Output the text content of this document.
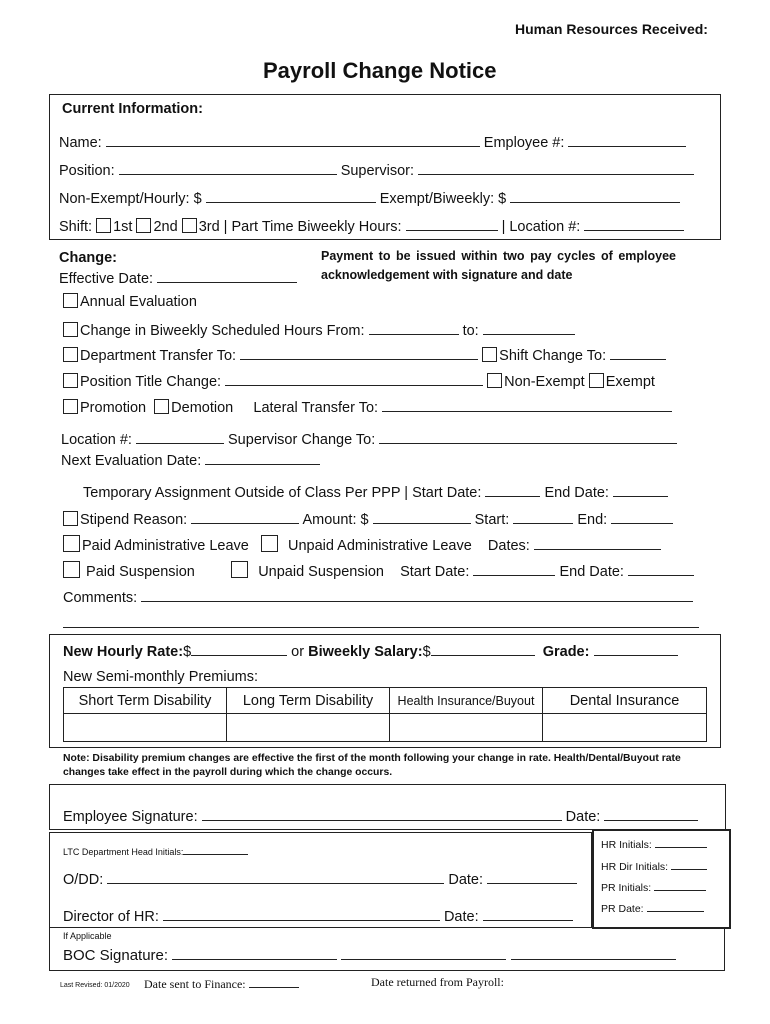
Human Resources Received:
Payroll Change Notice
Current Information:
Name:	Employee #:
Position:	Supervisor:
Non-Exempt/Hourly: $	Exempt/Biweekly: $
Shift: 1st 2nd 3rd | Part Time Biweekly Hours:	| Location #:
Change:
Effective Date:
Payment to be issued within two pay cycles of employee acknowledgement with signature and date
Annual Evaluation
Change in Biweekly Scheduled Hours From:	to:
Department Transfer To:	Shift Change To:
Position Title Change:	Non-Exempt Exempt
Promotion Demotion Lateral Transfer To:
Location #:	Supervisor Change To:
Next Evaluation Date:
Temporary Assignment Outside of Class Per PPP | Start Date:	End Date:
Stipend Reason:	Amount: $	Start:	End:
Paid Administrative Leave	Unpaid Administrative Leave Dates:
Paid Suspension	Unpaid Suspension Start Date:	End Date:
Comments:
New Hourly Rate:$	or Biweekly Salary:$	Grade:
New Semi-monthly Premiums:
Short Term Disability	Long Term Disability	Health Insurance/Buyout	Dental Insurance

Note: Disability premium changes are effective the first of the month following your change in rate. Health/Dental/Buyout rate changes take effect in the payroll during which the change occurs.
Employee Signature:	Date:
LTC Department Head Initials:
O/DD:	Date:
Director of HR:	Date:
HR Initials:
HR Dir Initials:
PR Initials:
PR Date:
If Applicable
BOC Signature:
Last Revised: 01/2020 Date sent to Finance:	Date returned from Payroll:
